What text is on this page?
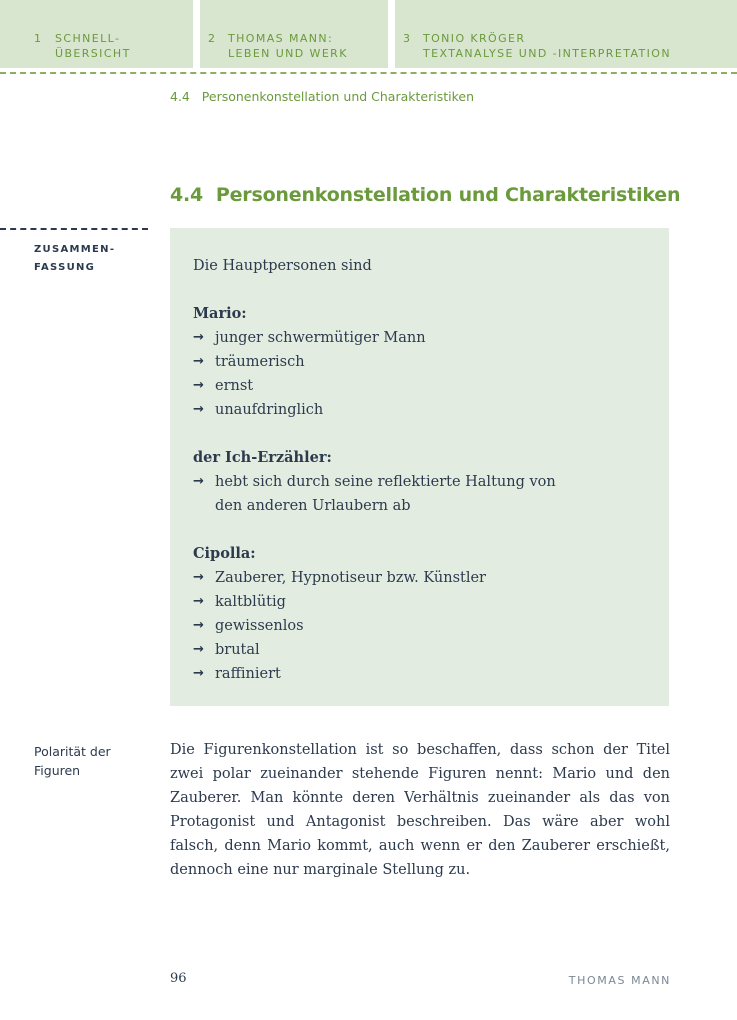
1 SCHNELL-
ÜBERSICHT
2 THOMAS MANN:
LEBEN UND WERK
3 TONIO KRÖGER
TEXTANALYSE UND -INTERPRETATION
4.4   Personenkonstellation und Charakteristiken
4.4  Personenkonstellation und Charakteristiken
ZUSAMMEN-
FASSUNG	Die Hauptpersonen sind

Mario:
→ junger schwermütiger Mann
→ träumerisch
→ ernst
→ unaufdringlich
der Ich-Erzähler:
→ hebt sich durch seine reflektierte Haltung von den anderen Urlaubern ab
Cipolla:
→ Zauberer, Hypnotiseur bzw. Künstler
→ kaltblütig
→ gewissenlos
→ brutal
→ raffiniert
Polarität der Figuren

Die Figurenkonstellation ist so beschaffen, dass schon der Titel zwei polar zueinander stehende Figuren nennt: Mario und den Zauberer. Man könnte deren Verhältnis zueinander als das von Protagonist und Antagonist beschreiben. Das wäre aber wohl falsch, denn Mario kommt, auch wenn er den Zauberer erschießt, dennoch eine nur marginale Stellung zu.

96	THOMAS MANN
